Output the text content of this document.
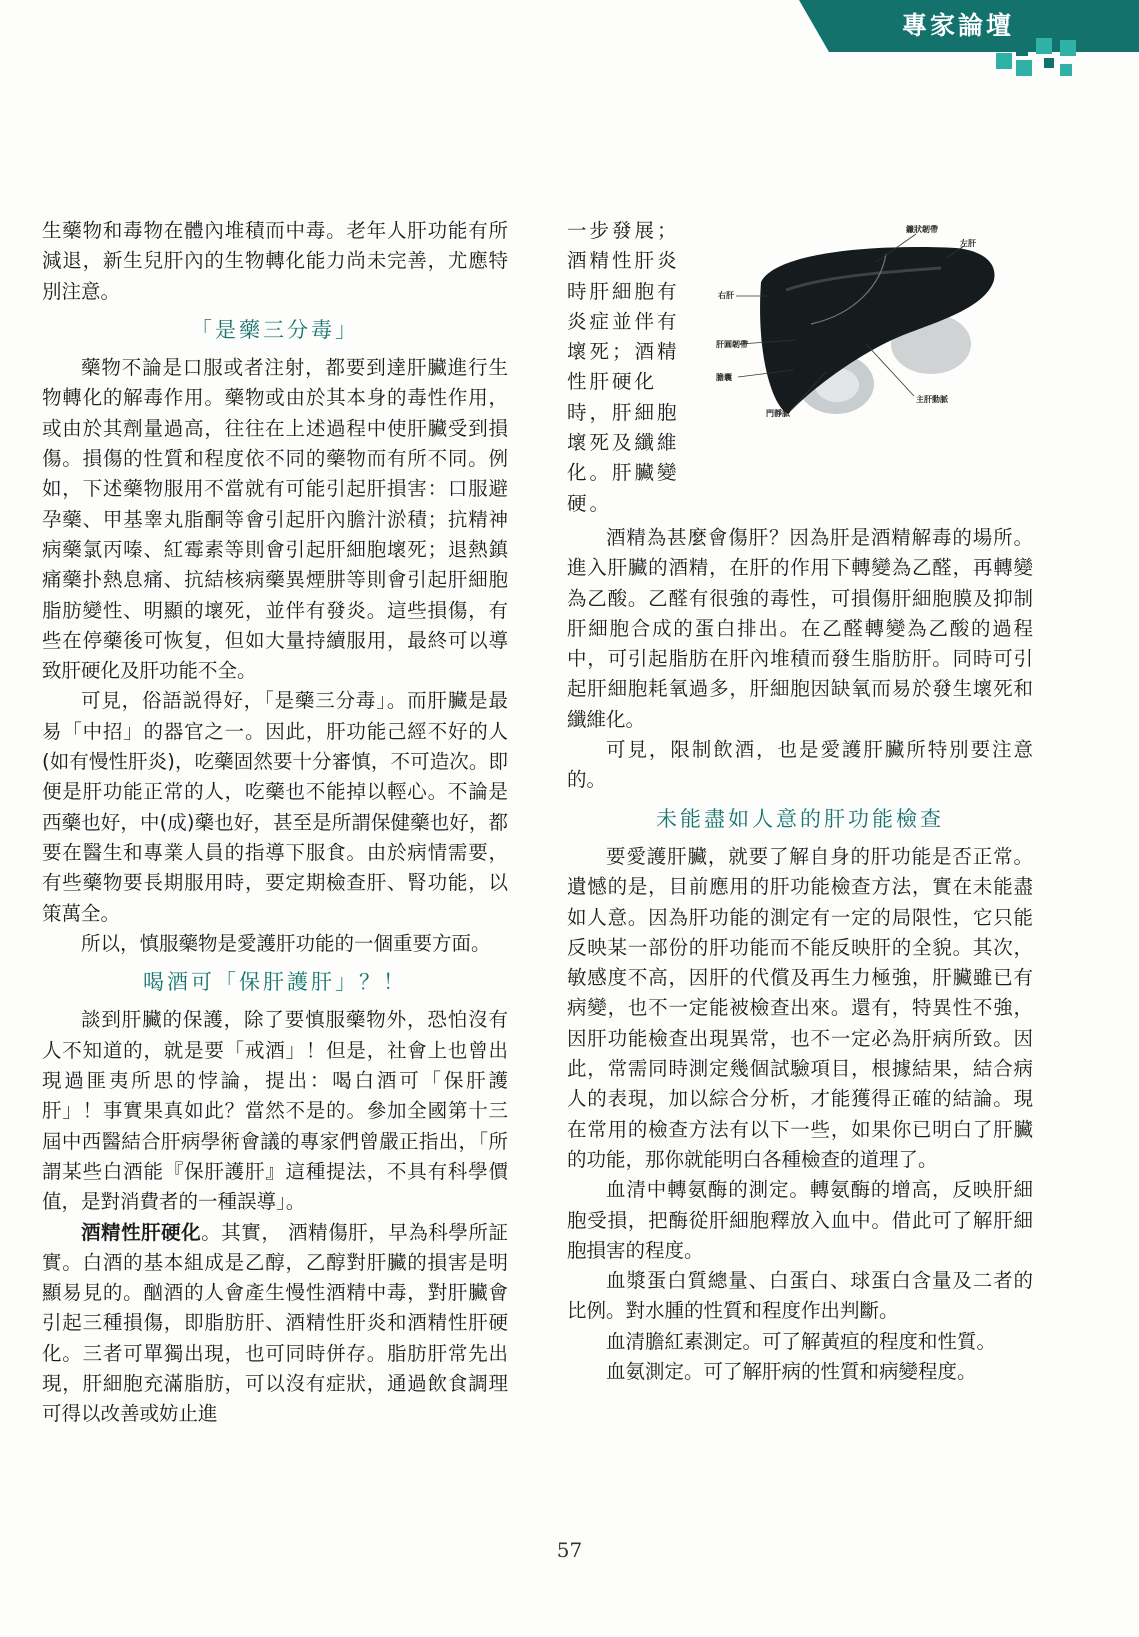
專家論壇

生藥物和毒物在體內堆積而中毒。老年人肝功能有所減退，新生兒肝內的生物轉化能力尚未完善，尤應特別注意。

「是藥三分毒」

藥物不論是口服或者注射，都要到達肝臟進行生物轉化的解毒作用。藥物或由於其本身的毒性作用，或由於其劑量過高，往往在上述過程中使肝臟受到損傷。損傷的性質和程度依不同的藥物而有所不同。例如，下述藥物服用不當就有可能引起肝損害：口服避孕藥、甲基睾丸脂酮等會引起肝內膽汁淤積；抗精神病藥氯丙嗪、紅霉素等則會引起肝細胞壞死；退熱鎮痛藥扑熱息痛、抗結核病藥異煙肼等則會引起肝細胞脂肪變性、明顯的壞死，並伴有發炎。這些損傷，有些在停藥後可恢复，但如大量持續服用，最終可以導致肝硬化及肝功能不全。

可見，俗語説得好，「是藥三分毒」。而肝臟是最易「中招」的器官之一。因此，肝功能己經不好的人(如有慢性肝炎)，吃藥固然要十分審慎，不可造次。即便是肝功能正常的人，吃藥也不能掉以輕心。不論是西藥也好，中(成)藥也好，甚至是所謂保健藥也好，都要在醫生和專業人員的指導下服食。由於病情需要，有些藥物要長期服用時，要定期檢查肝、腎功能，以策萬全。

所以，慎服藥物是愛護肝功能的一個重要方面。

喝酒可「保肝護肝」？！

談到肝臟的保護，除了要慎服藥物外，恐怕沒有人不知道的，就是要「戒酒」！但是，社會上也曾出現過匪夷所思的悖論，提出：喝白酒可「保肝護肝」！事實果真如此？當然不是的。參加全國第十三屆中西醫結合肝病學術會議的專家們曾嚴正指出，「所謂某些白酒能『保肝護肝』這種提法，不具有科學價值，是對消費者的一種誤導」。

酒精性肝硬化。其實， 酒精傷肝，早為科學所証實。白酒的基本組成是乙醇，乙醇對肝臟的損害是明顯易見的。酗酒的人會產生慢性酒精中毒，對肝臟會引起三種損傷，即脂肪肝、酒精性肝炎和酒精性肝硬化。三者可單獨出現，也可同時併存。脂肪肝常先出現，肝細胞充滿脂肪，可以沒有症狀，通過飲食調理可得以改善或妨止進

鐮狀韌帶
左肝
右肝
肝圓韌帶
膽囊
主肝動脈
門靜脈

一步發展；

酒精性肝炎

時肝細胞有

炎症並伴有

壞死；酒精

性肝硬化

時，肝細胞

壞死及纖維

化。肝臟變

硬。

酒精為甚麼會傷肝？因為肝是酒精解毒的場所。進入肝臟的酒精，在肝的作用下轉變為乙醛，再轉變為乙酸。乙醛有很強的毒性，可損傷肝細胞膜及抑制肝細胞合成的蛋白排出。在乙醛轉變為乙酸的過程中，可引起脂肪在肝內堆積而發生脂肪肝。同時可引起肝細胞耗氧過多，肝細胞因缺氧而易於發生壞死和纖維化。

可見，限制飲酒，也是愛護肝臟所特別要注意的。

未能盡如人意的肝功能檢查

要愛護肝臟，就要了解自身的肝功能是否正常。遺憾的是，目前應用的肝功能檢查方法，實在未能盡如人意。因為肝功能的測定有一定的局限性，它只能反映某一部份的肝功能而不能反映肝的全貌。其次，敏感度不高，因肝的代償及再生力極強，肝臟雖已有病變，也不一定能被檢查出來。還有，特異性不強，因肝功能檢查出現異常，也不一定必為肝病所致。因此，常需同時測定幾個試驗項目，根據結果，結合病人的表現，加以綜合分析，才能獲得正確的結論。現在常用的檢查方法有以下一些，如果你已明白了肝臟的功能，那你就能明白各種檢查的道理了。

血清中轉氨酶的測定。轉氨酶的增高，反映肝細胞受損，把酶從肝細胞釋放入血中。借此可了解肝細胞損害的程度。

血漿蛋白質總量、白蛋白、球蛋白含量及二者的比例。對水腫的性質和程度作出判斷。

血清膽紅素測定。可了解黃疸的程度和性質。

血氨測定。可了解肝病的性質和病變程度。

57
